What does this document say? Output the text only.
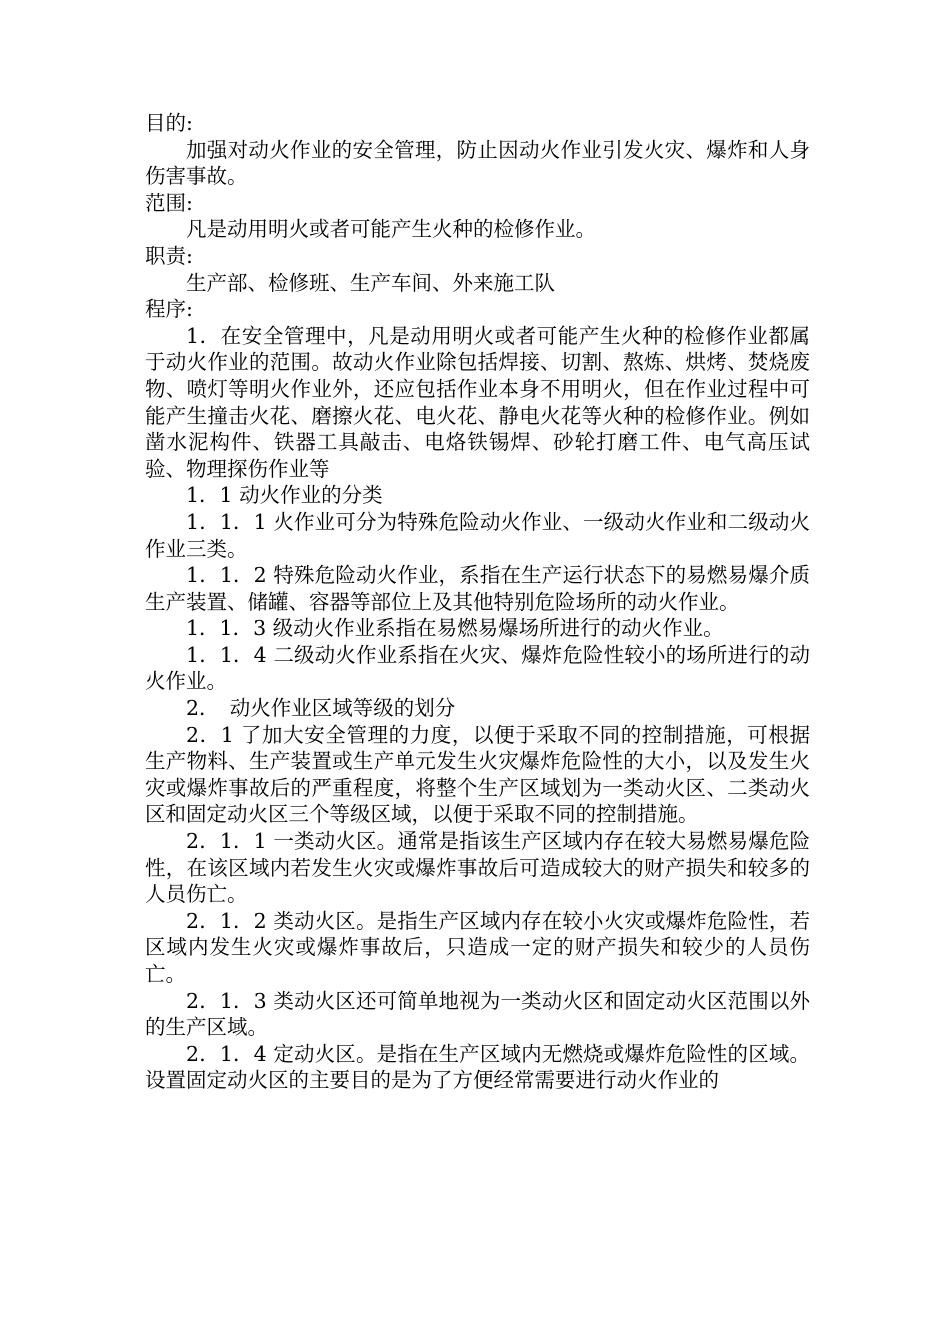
目的:

加强对动火作业的安全管理，防止因动火作业引发火灾、爆炸和人身伤害事故。

范围:

凡是动用明火或者可能产生火种的检修作业。

职责:

生产部、检修班、生产车间、外来施工队

程序:

1．在安全管理中，凡是动用明火或者可能产生火种的检修作业都属于动火作业的范围。故动火作业除包括焊接、切割、熬炼、烘烤、焚烧废物、喷灯等明火作业外，还应包括作业本身不用明火，但在作业过程中可能产生撞击火花、磨擦火花、电火花、静电火花等火种的检修作业。例如凿水泥构件、铁器工具敲击、电烙铁锡焊、砂轮打磨工件、电气高压试验、物理探伤作业等

1．1 动火作业的分类

1．1．1 火作业可分为特殊危险动火作业、一级动火作业和二级动火作业三类。

1．1．2 特殊危险动火作业，系指在生产运行状态下的易燃易爆介质生产装置、储罐、容器等部位上及其他特别危险场所的动火作业。

1．1．3 级动火作业系指在易燃易爆场所进行的动火作业。

1．1．4 二级动火作业系指在火灾、爆炸危险性较小的场所进行的动火作业。

2．　动火作业区域等级的划分

2．1 了加大安全管理的力度，以便于采取不同的控制措施，可根据生产物料、生产装置或生产单元发生火灾爆炸危险性的大小，以及发生火灾或爆炸事故后的严重程度，将整个生产区域划为一类动火区、二类动火区和固定动火区三个等级区域，以便于采取不同的控制措施。

2．1．1 一类动火区。通常是指该生产区域内存在较大易燃易爆危险性，在该区域内若发生火灾或爆炸事故后可造成较大的财产损失和较多的人员伤亡。

2．1．2 类动火区。是指生产区域内存在较小火灾或爆炸危险性，若区域内发生火灾或爆炸事故后，只造成一定的财产损失和较少的人员伤亡。

2．1．3 类动火区还可简单地视为一类动火区和固定动火区范围以外的生产区域。

2．1．4 定动火区。是指在生产区域内无燃烧或爆炸危险性的区域。设置固定动火区的主要目的是为了方便经常需要进行动火作业的
